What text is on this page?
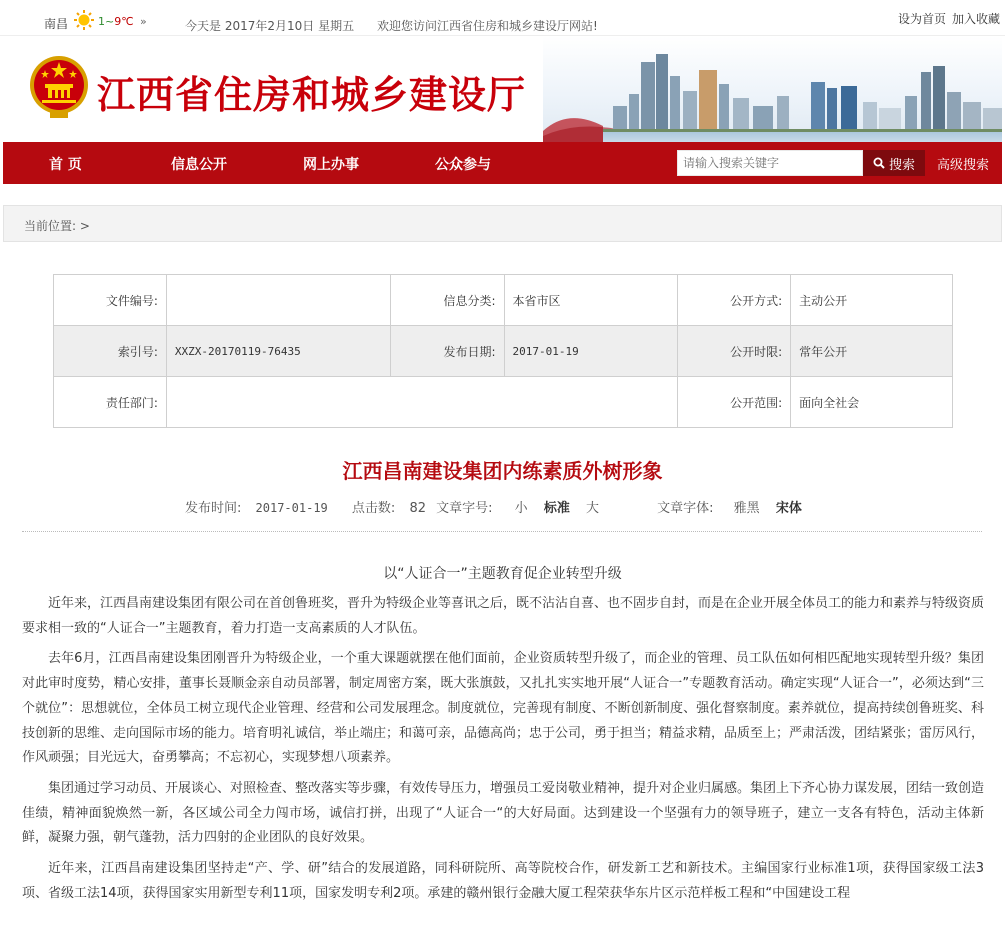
南昌	1~9℃ »	今天是 2017年2月10日 星期五 欢迎您访问江西省住房和城乡建设厅网站!	设为首页 加入收藏
江西省住房和城乡建设厅
首 页	信息公开	网上办事	公众参与
请输入搜索关键字	搜索 高级搜索
当前位置: >
文件编号:		信息分类:	本省市区	公开方式:	主动公开
索引号:	XXZX-20170119-76435	发布日期:	2017-01-19	公开时限:	常年公开
责任部门:				公开范围:	面向全社会
江西昌南建设集团内练素质外树形象
发布时间: 2017-01-19 点击数: 82 文章字号: 小 标准 大	文章字体: 雅黑 宋体
以“人证合一”主题教育促企业转型升级

近年来，江西昌南建设集团有限公司在首创鲁班奖，晋升为特级企业等喜讯之后，既不沾沾自喜、也不固步自封，而是在企业开展全体员工的能力和素养与特级资质要求相一致的“人证合一”主题教育，着力打造一支高素质的人才队伍。

去年6月，江西昌南建设集团刚晋升为特级企业，一个重大课题就摆在他们面前，企业资质转型升级了，而企业的管理、员工队伍如何相匹配地实现转型升级？集团对此审时度势，精心安排，董事长聂顺金亲自动员部署，制定周密方案，既大张旗鼓，又扎扎实实地开展“人证合一”专题教育活动。确定实现“人证合一”，必须达到“三个就位”：思想就位，全体员工树立现代企业管理、经营和公司发展理念。制度就位，完善现有制度、不断创新制度、强化督察制度。素养就位，提高持续创鲁班奖、科技创新的思维、走向国际市场的能力。培育明礼诚信，举止端庄；和蔼可亲，品德高尚；忠于公司，勇于担当；精益求精，品质至上；严肃活泼，团结紧张；雷厉风行，作风顽强；目光远大，奋勇攀高；不忘初心，实现梦想八项素养。

集团通过学习动员、开展谈心、对照检查、整改落实等步骤，有效传导压力，增强员工爱岗敬业精神，提升对企业归属感。集团上下齐心协力谋发展，团结一致创造佳绩，精神面貌焕然一新，各区域公司全力闯市场，诚信打拼，出现了“人证合一“的大好局面。达到建设一个坚强有力的领导班子，建立一支各有特色，活动主体新鲜，凝聚力强，朝气蓬勃，活力四射的企业团队的良好效果。

近年来，江西昌南建设集团坚持走“产、学、研”结合的发展道路，同科研院所、高等院校合作，研发新工艺和新技术。主编国家行业标准1项，获得国家级工法3项、省级工法14项，获得国家实用新型专利11项，国家发明专利2项。承建的赣州银行金融大厦工程荣获华东片区示范样板工程和“中国建设工程
